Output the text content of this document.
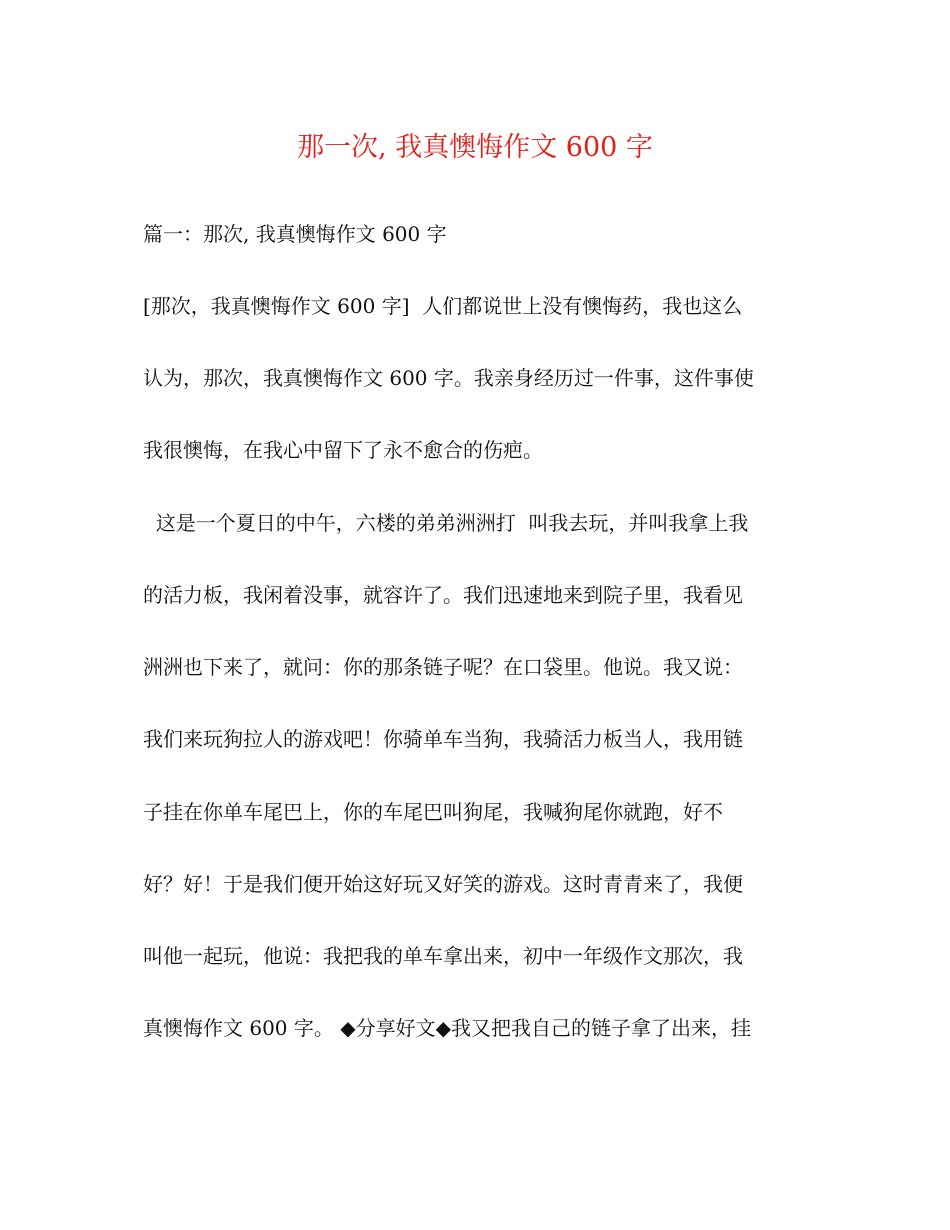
那一次, 我真懊悔作文 600 字
篇一：那次, 我真懊悔作文 600 字
[那次，我真懊悔作文 600 字]  人们都说世上没有懊悔药，我也这么
认为，那次，我真懊悔作文 600 字。我亲身经历过一件事，这件事使
我很懊悔，在我心中留下了永不愈合的伤疤。
这是一个夏日的中午，六楼的弟弟洲洲打  叫我去玩，并叫我拿上我
的活力板，我闲着没事，就容许了。我们迅速地来到院子里，我看见
洲洲也下来了，就问：你的那条链子呢？在口袋里。他说。我又说：
我们来玩狗拉人的游戏吧！你骑单车当狗，我骑活力板当人，我用链
子挂在你单车尾巴上，你的车尾巴叫狗尾，我喊狗尾你就跑，好不
好？好！于是我们便开始这好玩又好笑的游戏。这时青青来了，我便
叫他一起玩，他说：我把我的单车拿出来，初中一年级作文那次，我
真懊悔作文 600 字。 ◆分享好文◆我又把我自己的链子拿了出来，挂
